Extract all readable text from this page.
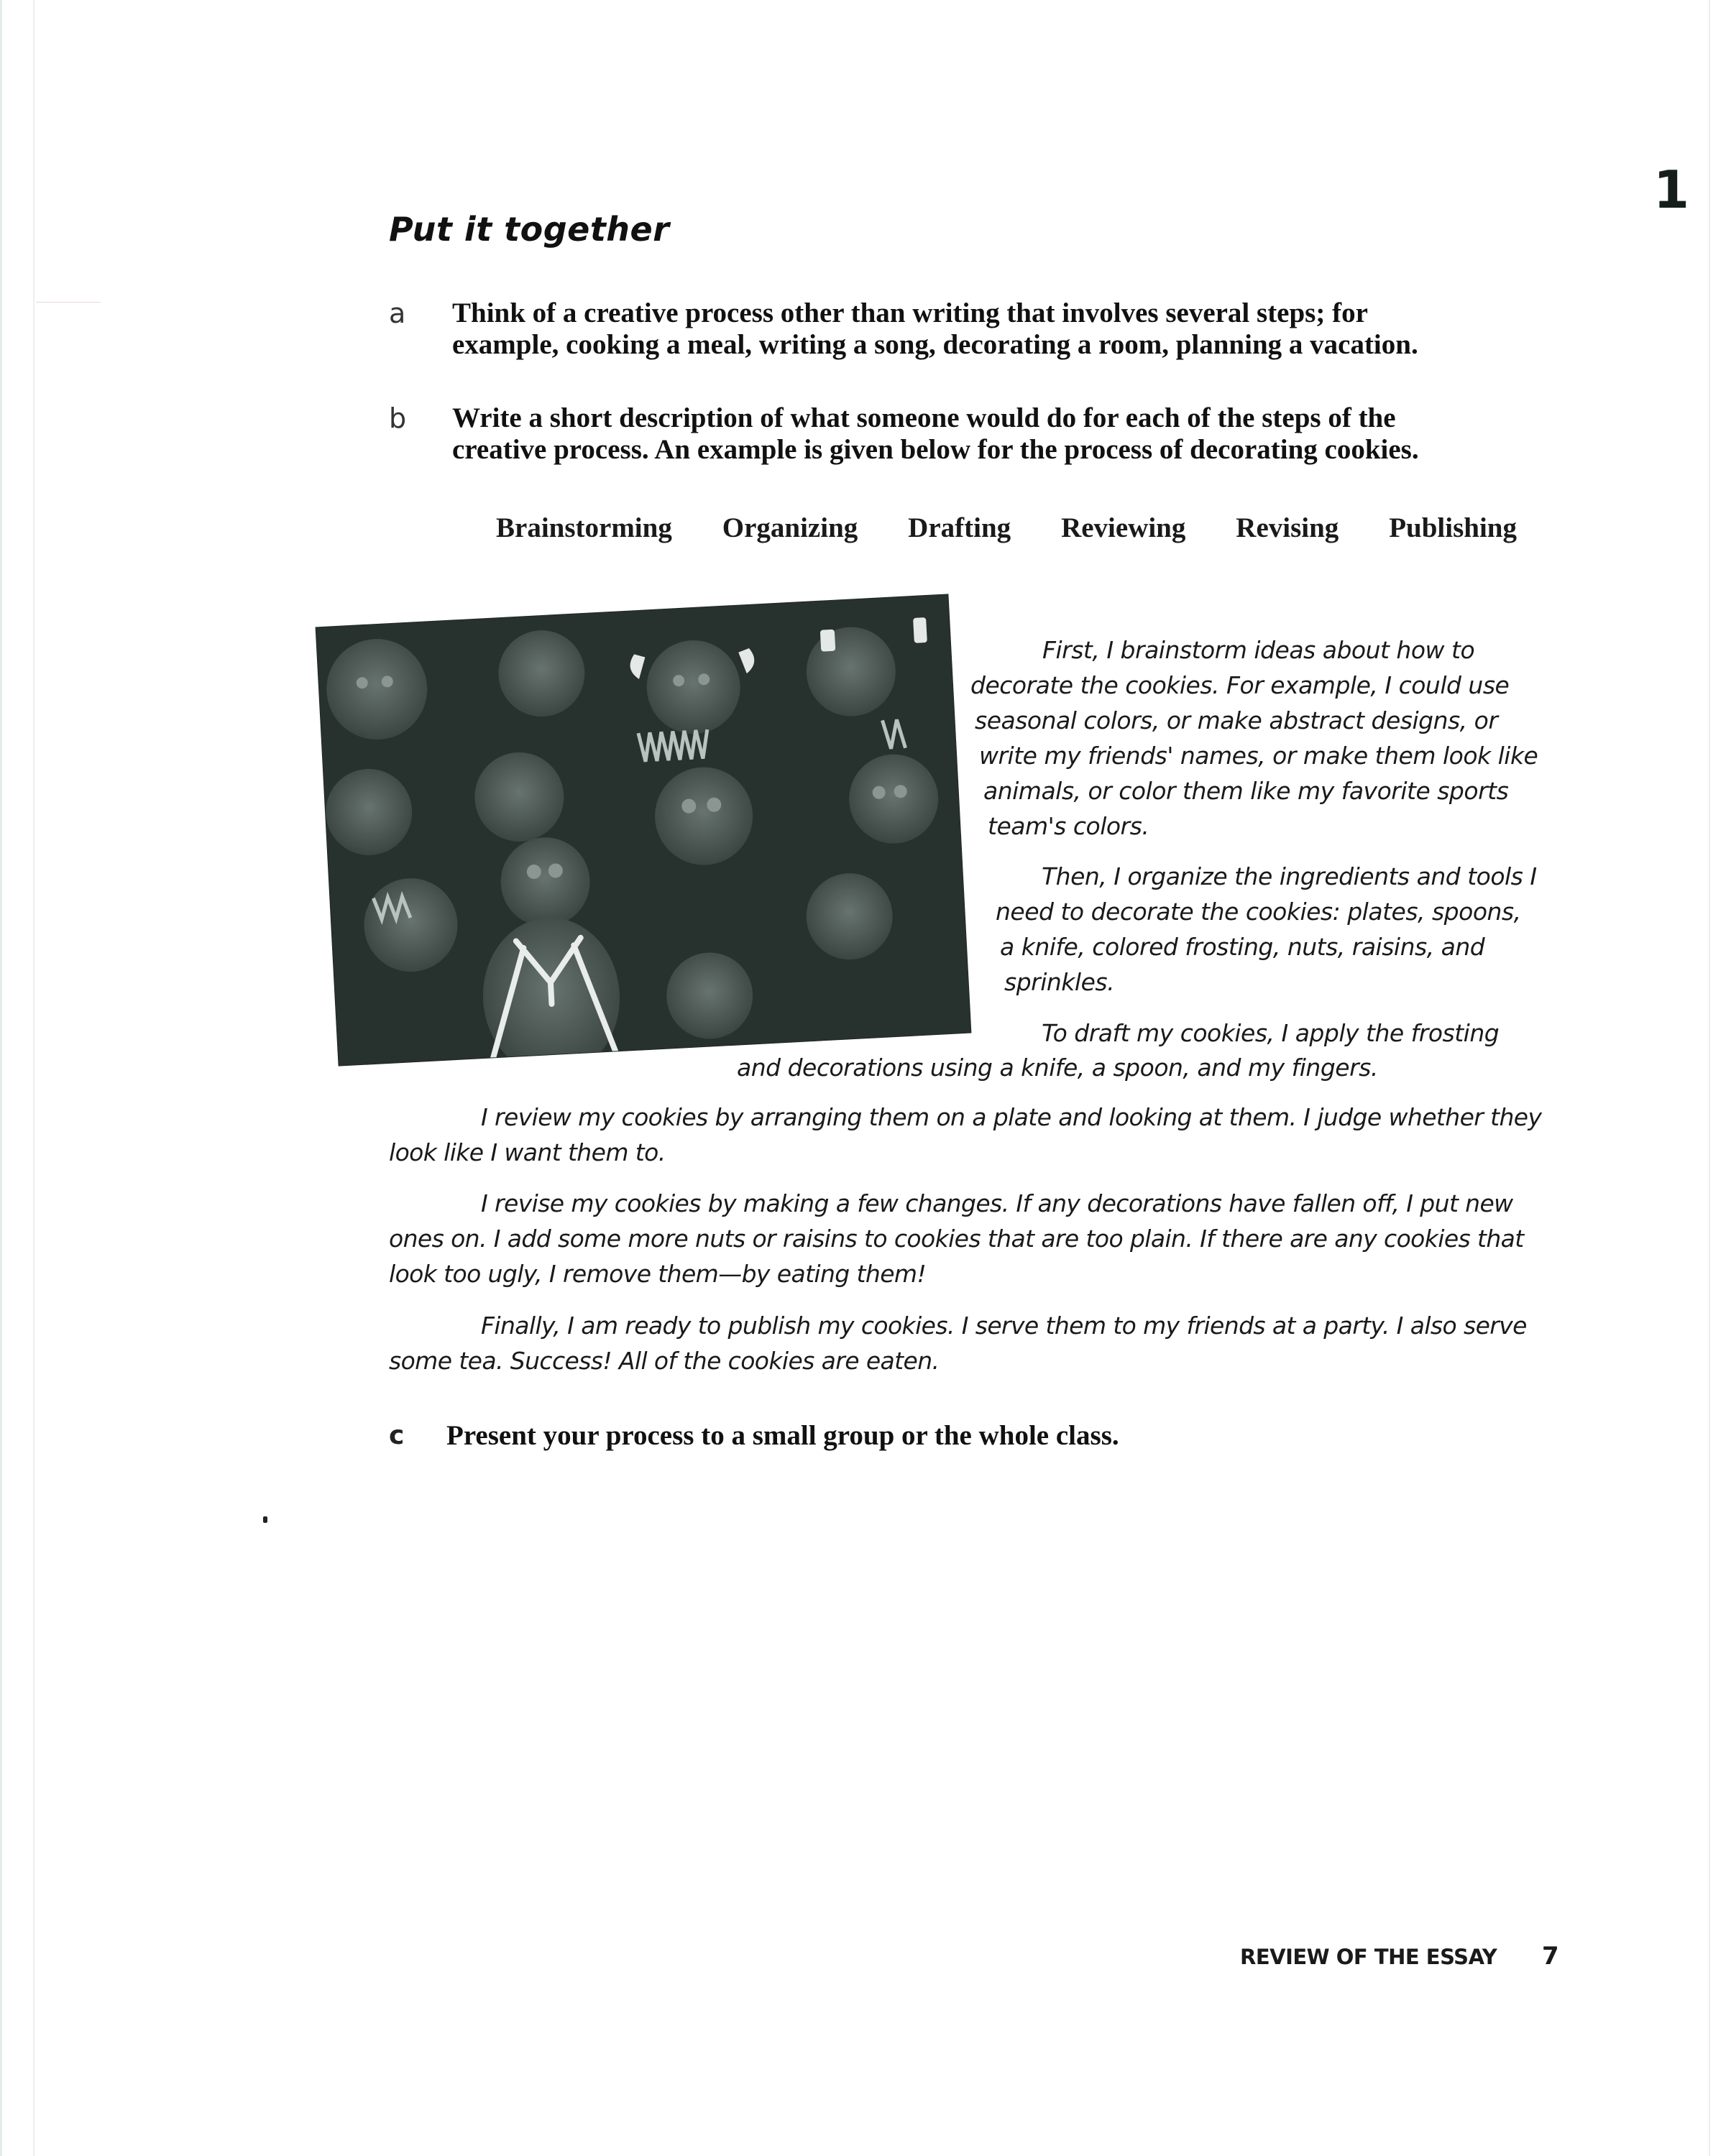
1
Put it together
a Think of a creative process other than writing that involves several steps; for
example, cooking a meal, writing a song, decorating a room, planning a vacation.
b Write a short description of what someone would do for each of the steps of the
creative process. An example is given below for the process of decorating cookies.
Brainstorming Organizing Drafting Reviewing Revising Publishing

First, I brainstorm ideas about how to

decorate the cookies. For example, I could use

seasonal colors, or make abstract designs, or

write my friends' names, or make them look like

animals, or color them like my favorite sports

team's colors.

Then, I organize the ingredients and tools I

need to decorate the cookies: plates, spoons,

a knife, colored frosting, nuts, raisins, and

sprinkles.

To draft my cookies, I apply the frosting

and decorations using a knife, a spoon, and my fingers.

I review my cookies by arranging them on a plate and looking at them. I judge whether they look like I want them to.

I revise my cookies by making a few changes. If any decorations have fallen off, I put new ones on. I add some more nuts or raisins to cookies that are too plain. If there are any cookies that look too ugly, I remove them—by eating them!

Finally, I am ready to publish my cookies. I serve them to my friends at a party. I also serve some tea. Success! All of the cookies are eaten.

c Present your process to a small group or the whole class.
REVIEW OF THE ESSAY 7
